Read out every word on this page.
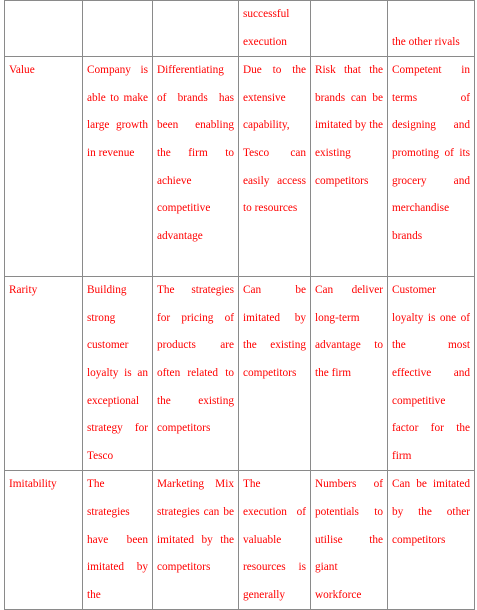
			successful execution		the other rivals
Value	Company is able to make large growth in revenue	Differentiating of brands has been enabling the firm to achieve competitive advantage	Due to the extensive capability, Tesco can easily access to resources	Risk that the brands can be imitated by the existing competitors	Competent in terms of designing and promoting of its grocery and merchandise brands
Rarity	Building strong customer loyalty is an exceptional strategy for Tesco	The strategies for pricing of products are often related to the existing competitors	Can be imitated by the existing competitors	Can deliver long-term advantage to the firm	Customer loyalty is one of the most effective and competitive factor for the firm
Imitability	The strategies have been imitated by the	Marketing Mix strategies can be imitated by the competitors	The execution of valuable resources is generally	Numbers of potentials to utilise the giant workforce	Can be imitated by the other competitors
